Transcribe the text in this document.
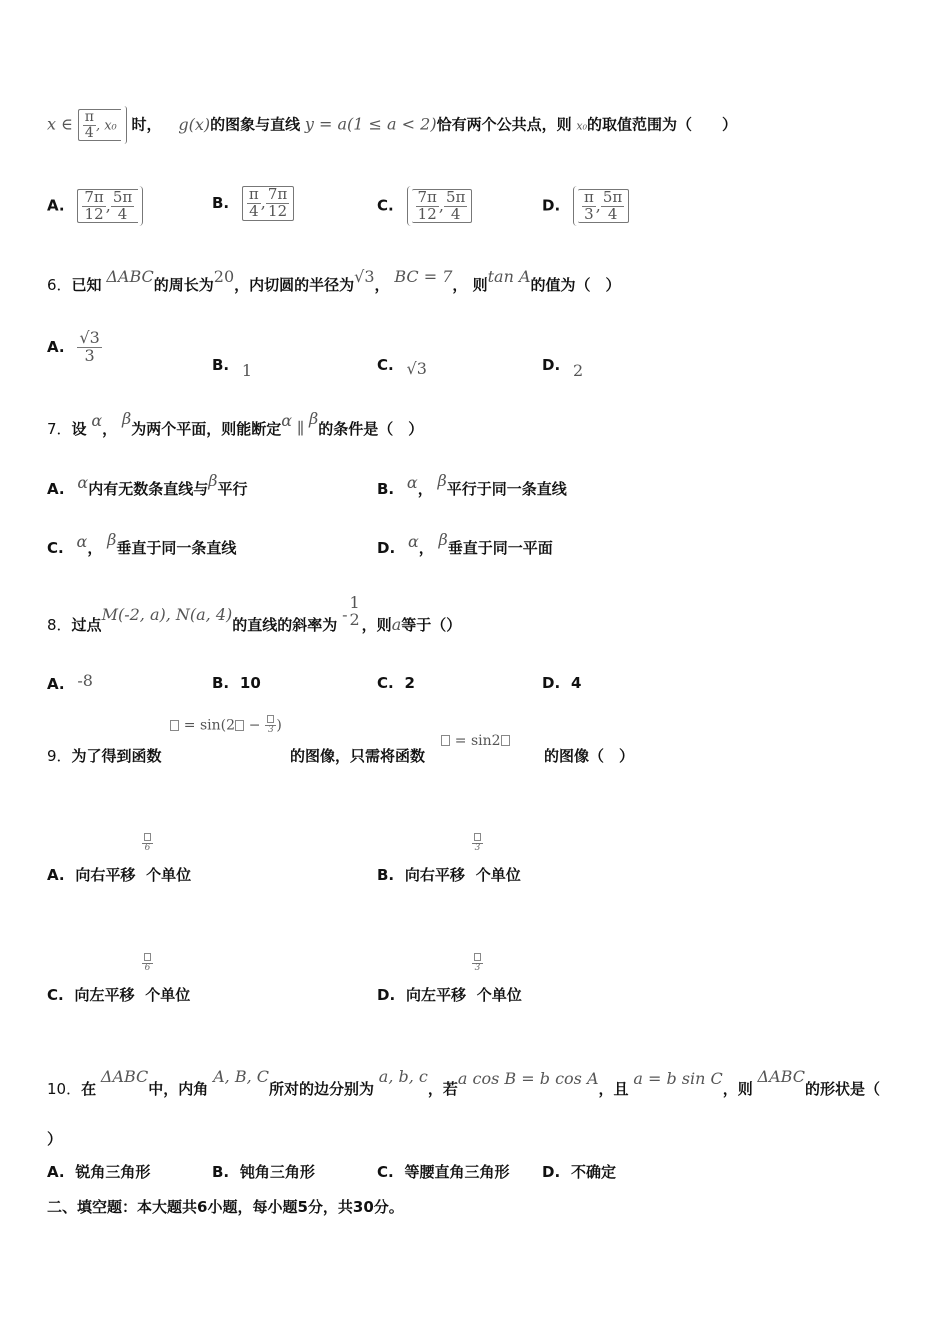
x ∈ $\frac{\pi}{4}$ , x₀ 时， g(x)的图象与直线 y = a(1 ≤ a < 2)恰有两个公共点，则 x₀的取值范围为（　　）
A. $\frac{7\pi}{12}$ , $\frac{5\pi}{4}$	B. $\frac{\pi}{4}$ , $\frac{7\pi}{12}$	C. $\frac{7\pi}{12}$ , $\frac{5\pi}{4}$	D. $\frac{\pi}{3}$ , $\frac{5\pi}{4}$
6．已知 ΔABC的周长为20，内切圆的半径为√3， BC = 7， 则tan A的值为（　）
A. $\frac{√3}{3}$
B. 1	C. √3	D. 2
7．设 α， β为两个平面，则能断定α ∥ β的条件是（　）
A. α内有无数条直线与β平行	B. α， β平行于同一条直线
C. α， β垂直于同一条直线	D. α， β垂直于同一平面
8．过点M(-2, a), N(a, 4)的直线的斜率为 -
1
2 ，则a等于（）
A. -8	B. 10	C. 2	D. 4
= sin(2 − 3 )
= sin2
9．为了得到函数	的图像，只需将函数	的图像（　）
6
A. 向右平移 个单位
3
B. 向右平移 个单位
6
C. 向左平移 个单位
3
D. 向左平移 个单位
10．在 ΔABC中，内角 A, B, C所对的边分别为 a, b, c，若a cos B = b cos A，且 a = b sin C，则 ΔABC的形状是（
）
A. 锐角三角形	B. 钝角三角形	C. 等腰直角三角形 D. 不确定
二、填空题：本大题共6小题，每小题5分，共30分。
